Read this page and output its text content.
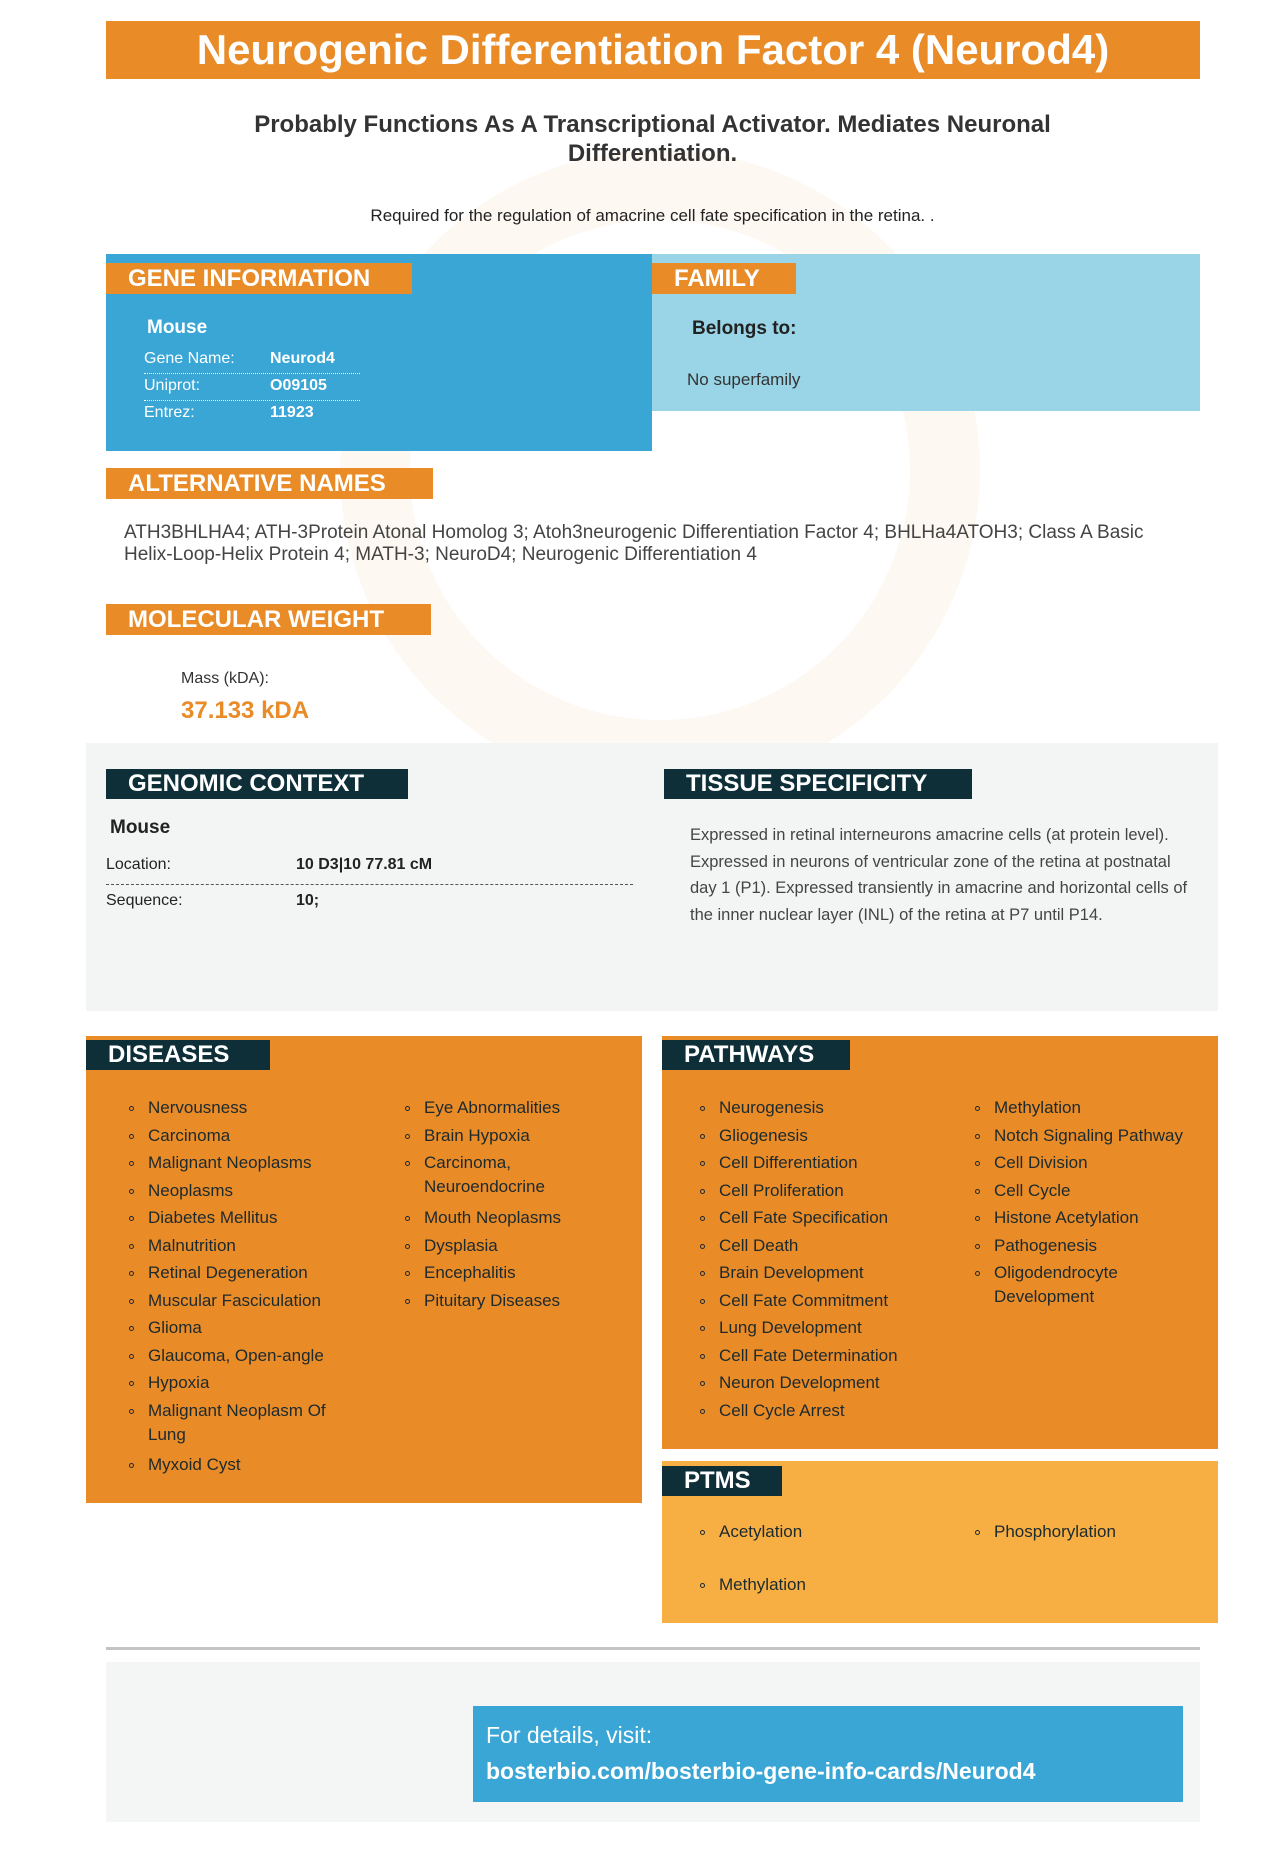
Neurogenic Differentiation Factor 4 (Neurod4)
Probably Functions As A Transcriptional Activator. Mediates Neuronal Differentiation.
Required for the regulation of amacrine cell fate specification in the retina. .
GENE INFORMATION
Mouse
Gene Name: Neurod4
Uniprot:	O09105
Entrez:	11923
FAMILY
Belongs to:
No superfamily
ALTERNATIVE NAMES
ATH3BHLHA4; ATH-3Protein Atonal Homolog 3; Atoh3neurogenic Differentiation Factor 4; BHLHa4ATOH3; Class A Basic Helix-Loop-Helix Protein 4; MATH-3; NeuroD4; Neurogenic Differentiation 4
MOLECULAR WEIGHT
Mass (kDA):
37.133 kDA
GENOMIC CONTEXT
Mouse
Location:	10 D3|10 77.81 cM
Sequence:	10;
TISSUE SPECIFICITY
Expressed in retinal interneurons amacrine cells (at protein level). Expressed in neurons of ventricular zone of the retina at postnatal day 1 (P1). Expressed transiently in amacrine and horizontal cells of the inner nuclear layer (INL) of the retina at P7 until P14.
DISEASES
Nervousness
Carcinoma
Malignant Neoplasms
Neoplasms
Diabetes Mellitus
Malnutrition
Retinal Degeneration
Muscular Fasciculation
Glioma
Glaucoma, Open-angle
Hypoxia
Malignant Neoplasm Of Lung
Myxoid Cyst
Eye Abnormalities
Brain Hypoxia
Carcinoma, Neuroendocrine
Mouth Neoplasms
Dysplasia
Encephalitis
Pituitary Diseases
PATHWAYS
Neurogenesis
Gliogenesis
Cell Differentiation
Cell Proliferation
Cell Fate Specification
Cell Death
Brain Development
Cell Fate Commitment
Lung Development
Cell Fate Determination
Neuron Development
Cell Cycle Arrest
Methylation
Notch Signaling Pathway
Cell Division
Cell Cycle
Histone Acetylation
Pathogenesis
Oligodendrocyte Development
PTMS
Acetylation	Phosphorylation
Methylation
For details, visit:
bosterbio.com/bosterbio-gene-info-cards/Neurod4
